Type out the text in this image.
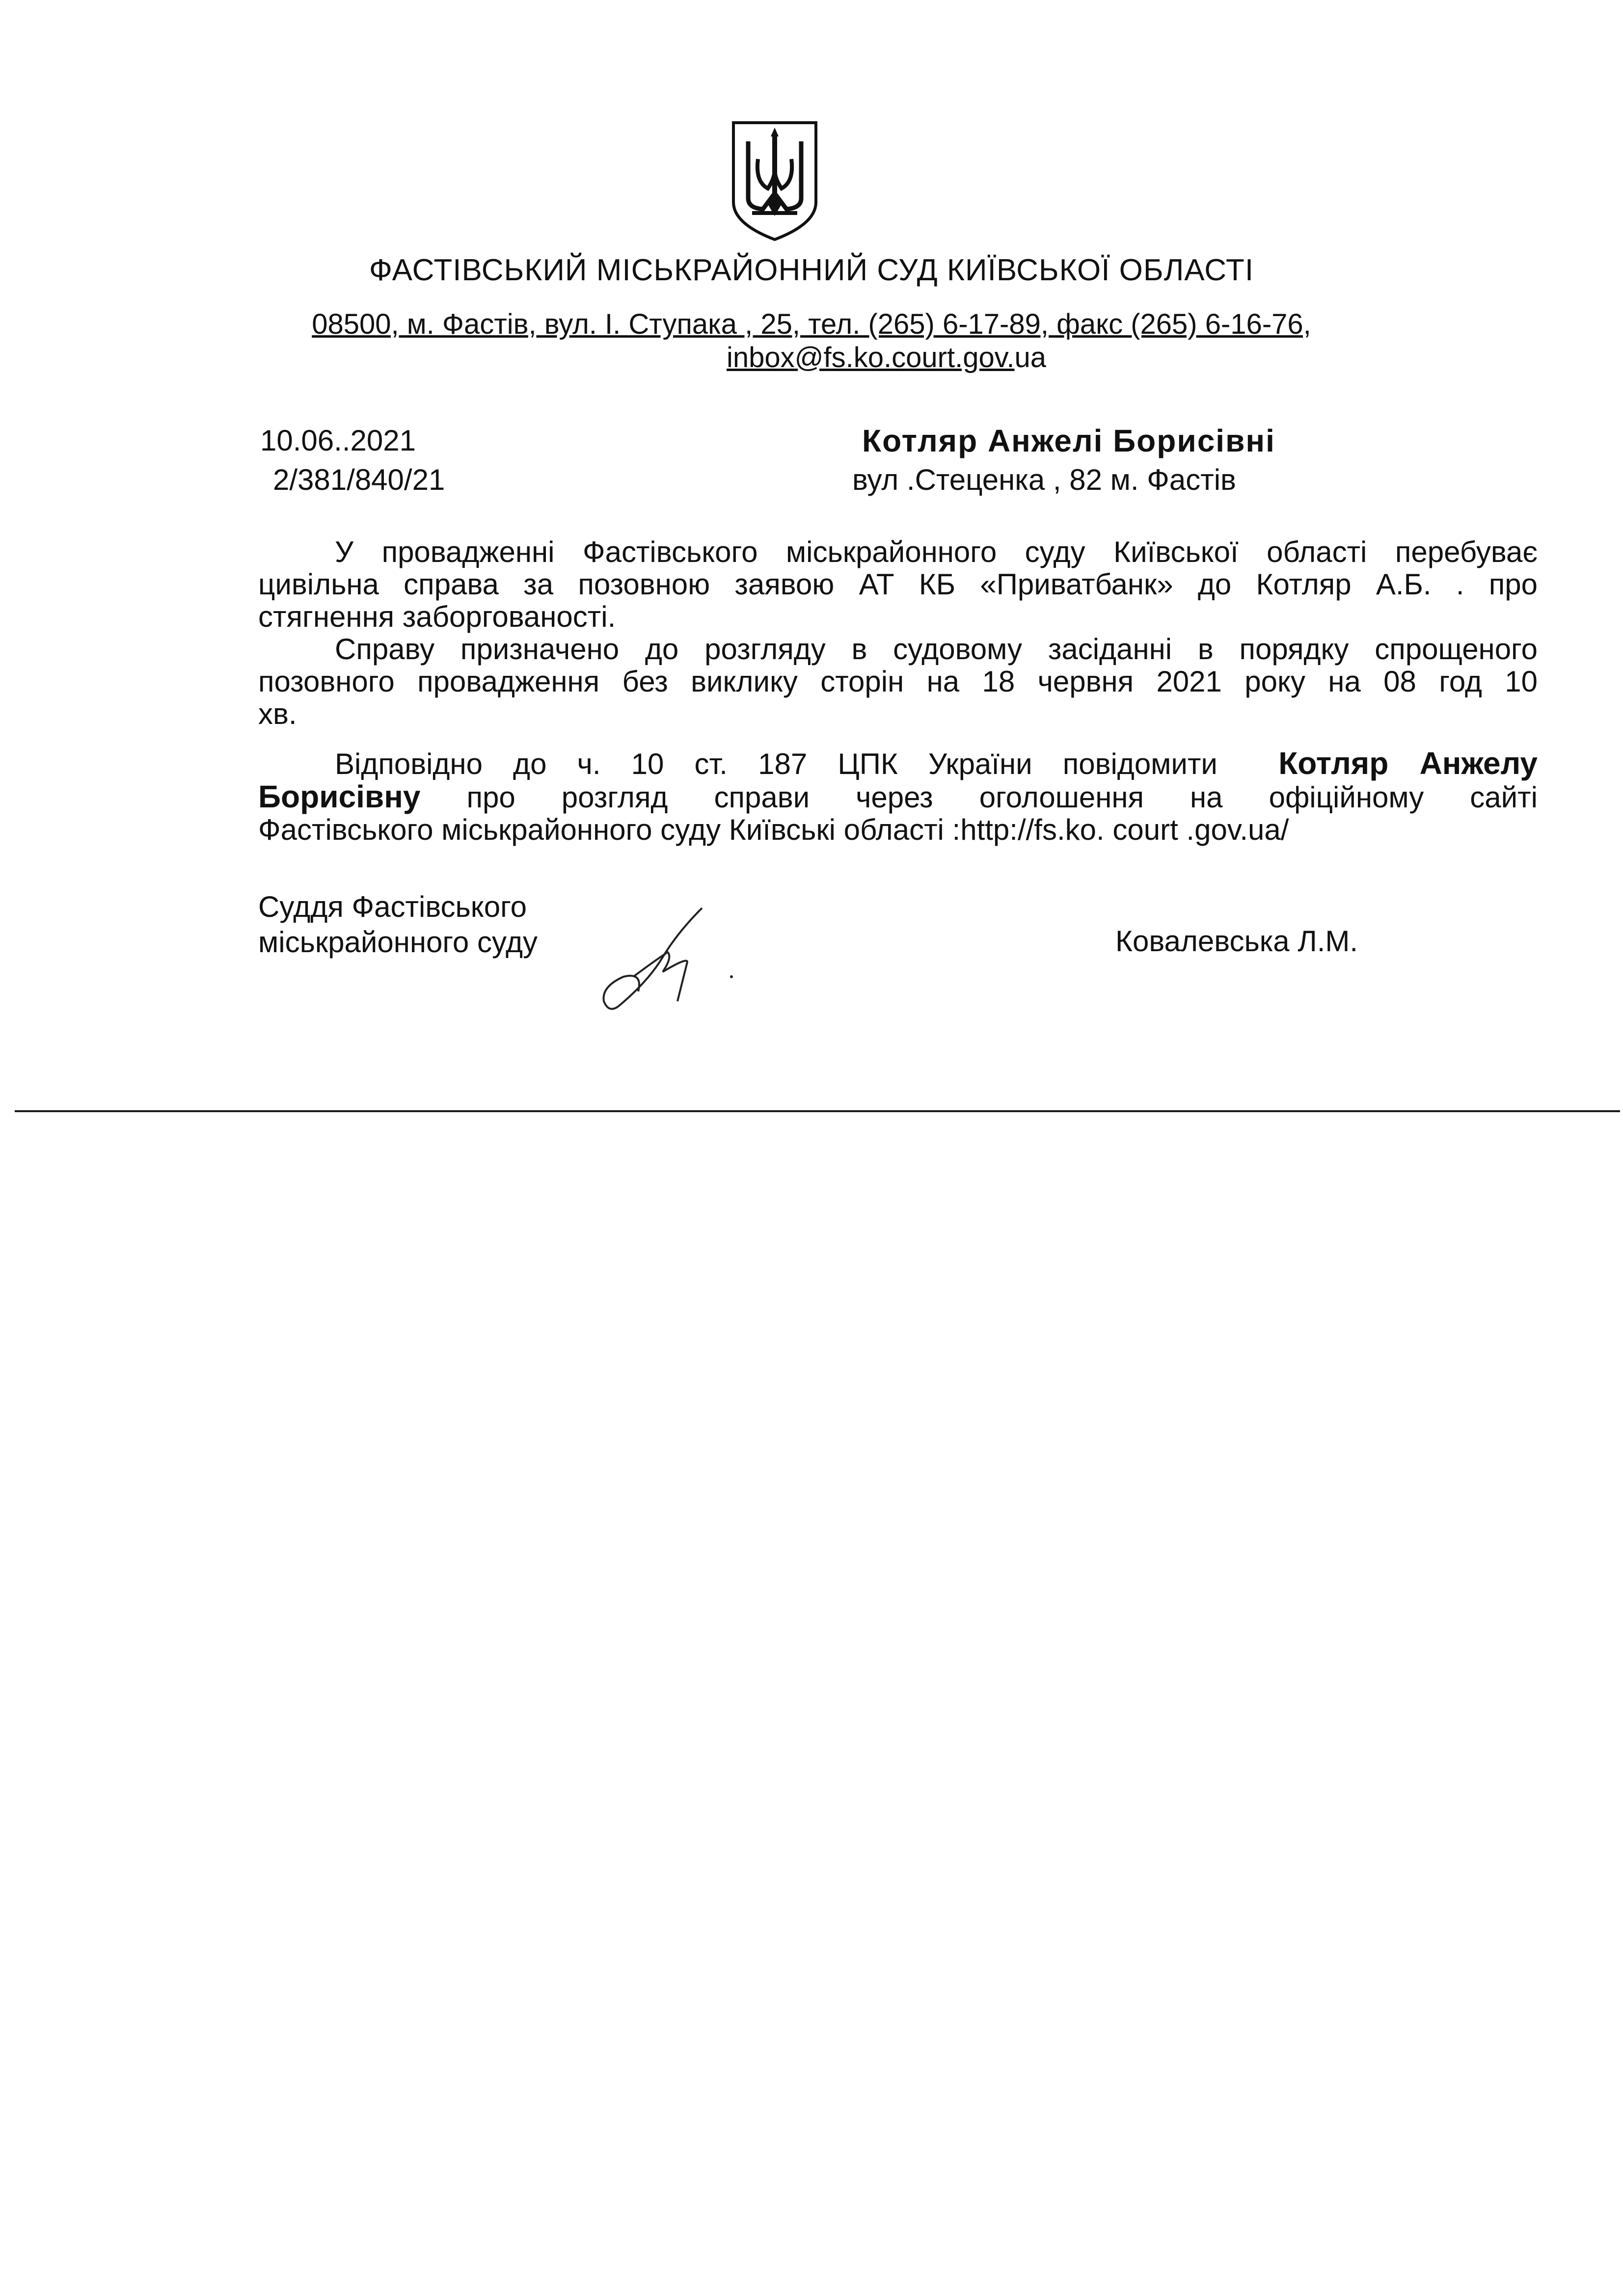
ФАСТІВСЬКИЙ МІСЬКРАЙОННИЙ СУД КИЇВСЬКОЇ ОБЛАСТІ
08500, м. Фастів, вул. І. Ступака , 25, тел. (265) 6-17-89, факс (265) 6-16-76,
inbox@fs.ko.court.gov.ua
10.06..2021
2/381/840/21
Котляр Анжелі Борисівні
вул .Стеценка , 82 м. Фастів
У провадженні Фастівського міськрайонного суду Київської області перебуває
цивільна справа за позовною заявою АТ КБ «Приватбанк» до Котляр А.Б. . про
стягнення заборгованості.
Справу призначено до розгляду в судовому засіданні в порядку спрощеного
позовного провадження без виклику сторін на 18 червня 2021 року на 08 год 10
хв.
Відповідно до ч. 10 ст. 187 ЦПК України повідомити Котляр Анжелу
Борисівну про розгляд справи через оголошення на офіційному сайті
Фастівського міськрайонного суду Київські області :http://fs.ko. court .gov.ua/
Суддя Фастівського
міськрайонного суду	Ковалевська Л.М.
